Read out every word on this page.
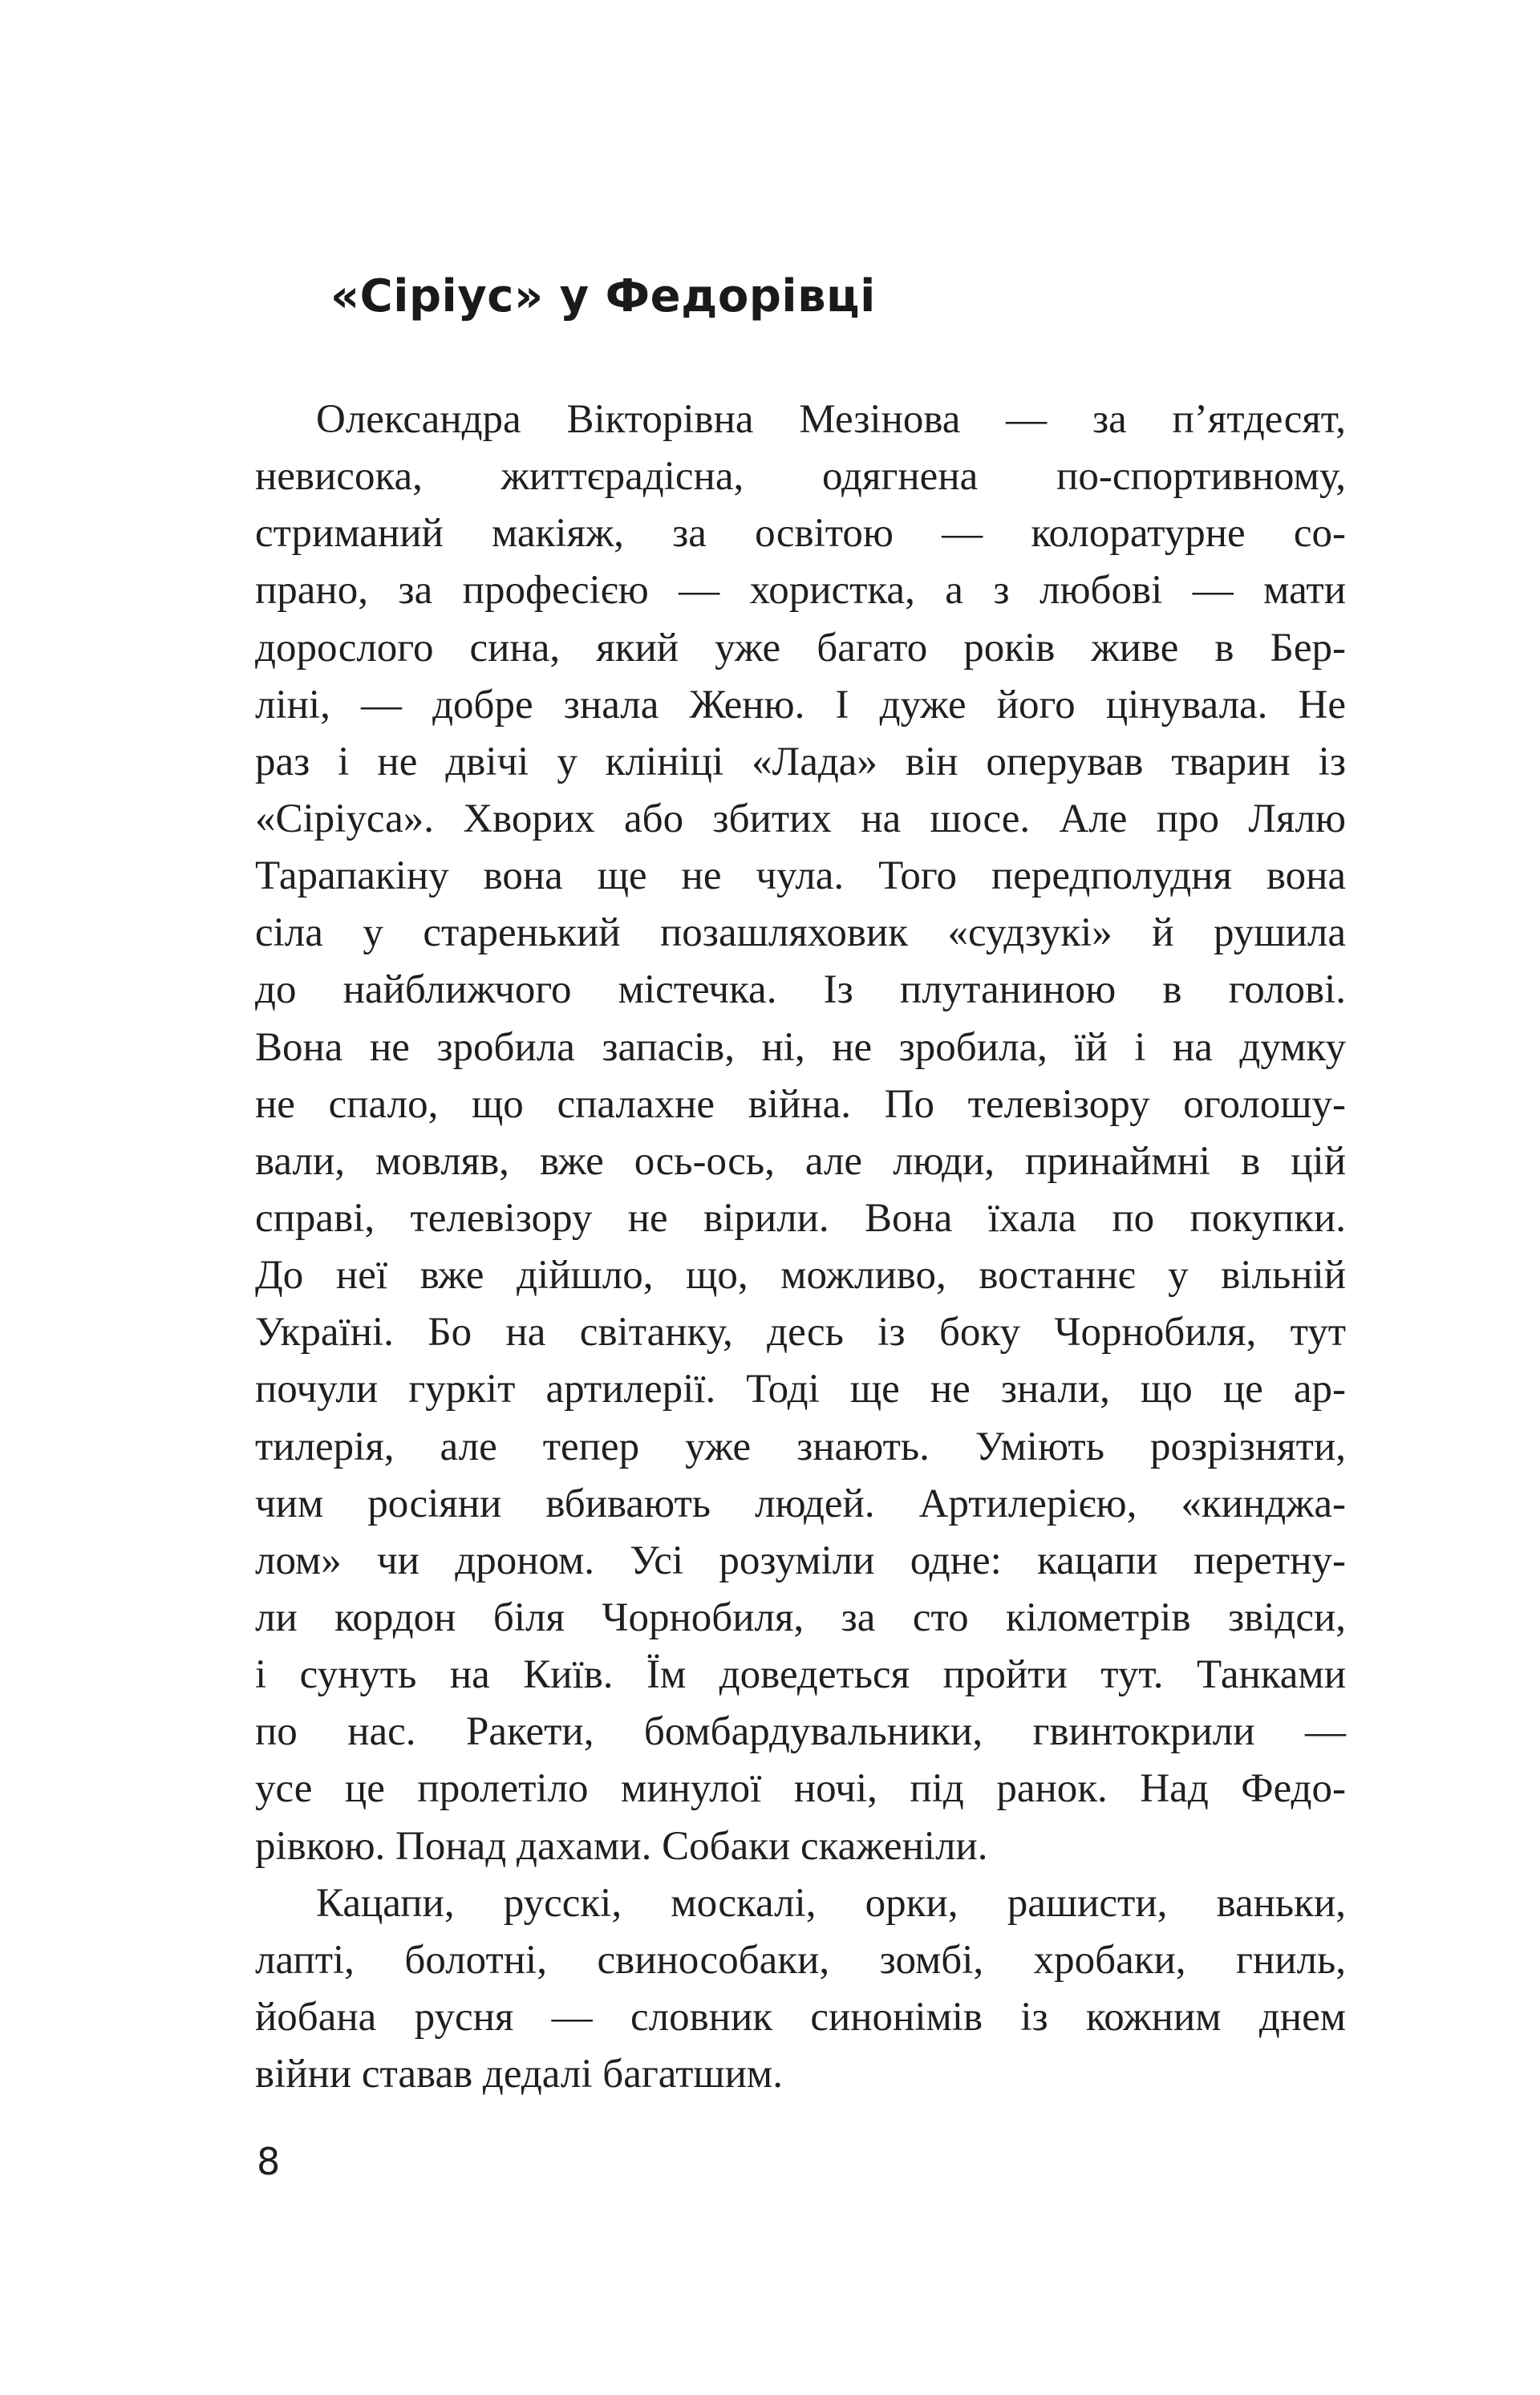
«Сіріус» у Федорівці
Олександра Вікторівна Мезінова — за п’ятдесят,
невисока, життєрадісна, одягнена по-спортивному,
стриманий макіяж, за освітою — колоратурне со-
прано, за професією — хористка, а з любові — мати
дорослого сина, який уже багато років живе в Бер-
ліні, — добре знала Женю. І дуже його цінувала. Не
раз і не двічі у клініці «Лада» він оперував тварин із
«Сіріуса». Хворих або збитих на шосе. Але про Лялю
Тарапакіну вона ще не чула. Того передполудня вона
сіла у старенький позашляховик «судзукі» й рушила
до найближчого містечка. Із плутаниною в голові.
Вона не зробила запасів, ні, не зробила, їй і на думку
не спало, що спалахне війна. По телевізору оголошу-
вали, мовляв, вже ось-ось, але люди, принаймні в цій
справі, телевізору не вірили. Вона їхала по покупки.
До неї вже дійшло, що, можливо, востаннє у вільній
Україні. Бо на світанку, десь із боку Чорнобиля, тут
почули гуркіт артилерії. Тоді ще не знали, що це ар-
тилерія, але тепер уже знають. Уміють розрізняти,
чим росіяни вбивають людей. Артилерією, «кинджа-
лом» чи дроном. Усі розуміли одне: кацапи перетну-
ли кордон біля Чорнобиля, за сто кілометрів звідси,
і сунуть на Київ. Їм доведеться пройти тут. Танками
по нас. Ракети, бомбардувальники, гвинтокрили —
усе це пролетіло минулої ночі, під ранок. Над Федо-
рівкою. Понад дахами. Собаки скаженіли.
Кацапи, русскі, москалі, орки, рашисти, ваньки,
лапті, болотні, свинособаки, зомбі, хробаки, гниль,
йобана русня — словник синонімів із кожним днем
війни ставав дедалі багатшим.

8
